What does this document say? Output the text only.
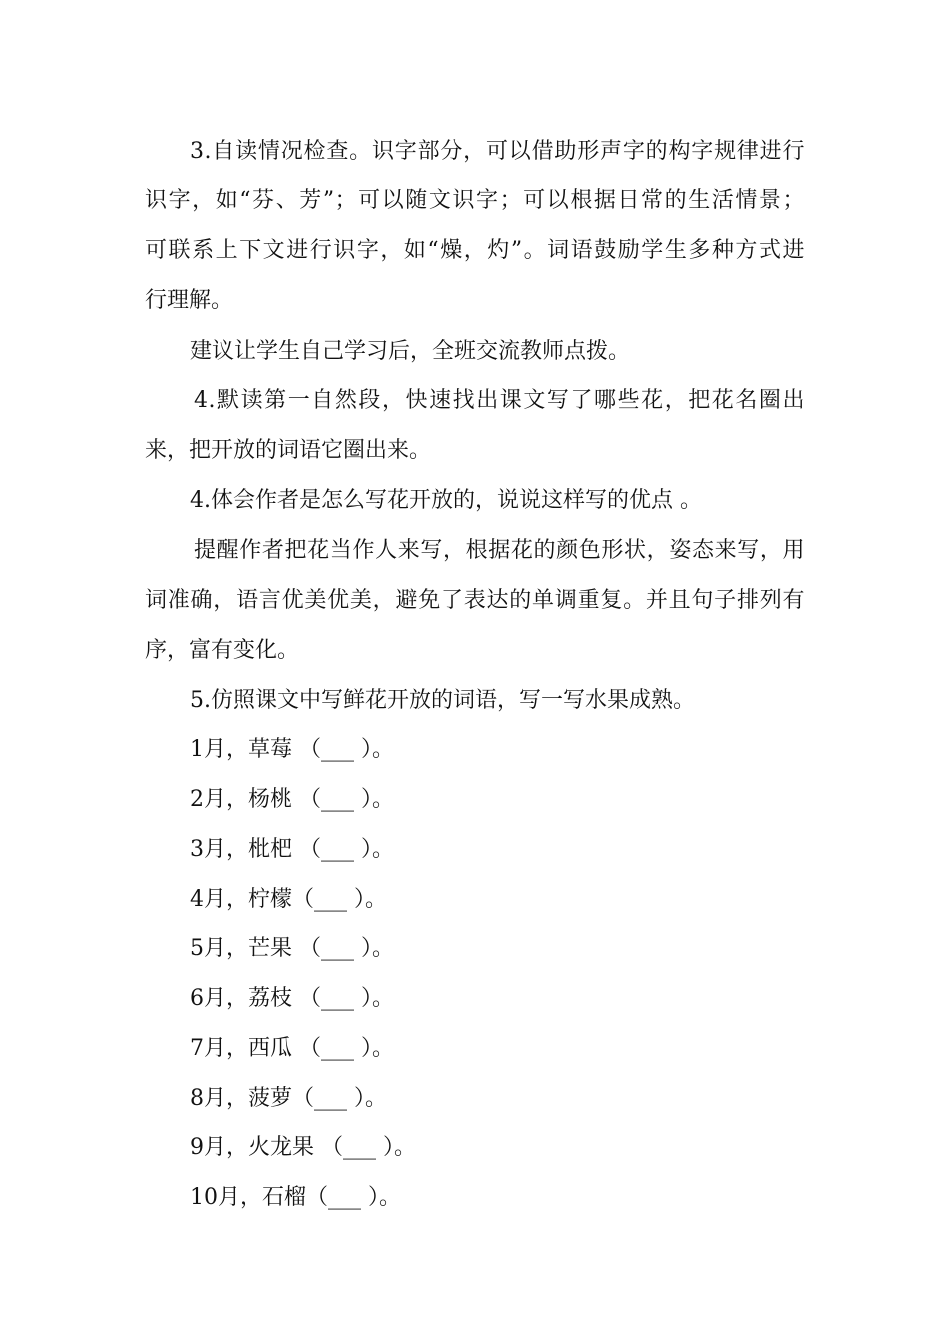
3.自读情况检查。识字部分，可以借助形声字的构字规律进行
识字，如“芬、芳”；可以随文识字；可以根据日常的生活情景；
可联系上下文进行识字，如“燥，灼”。词语鼓励学生多种方式进
行理解。
建议让学生自己学习后，全班交流教师点拨。
4.默读第一自然段，快速找出课文写了哪些花，把花名圈出
来，把开放的词语它圈出来。
4.体会作者是怎么写花开放的，说说这样写的优点 。
提醒作者把花当作人来写，根据花的颜色形状，姿态来写，用
词准确，语言优美优美，避免了表达的单调重复。并且句子排列有
序，富有变化。
5.仿照课文中写鲜花开放的词语，写一写水果成熟。
1月，草莓 （___ ）。
2月，杨桃 （___ ）。
3月，枇杷 （___ ）。
4月，柠檬（___ ）。
5月，芒果 （___ ）。
6月，荔枝 （___ ）。
7月，西瓜 （___ ）。
8月，菠萝（___ ）。
9月，火龙果 （___ ）。
10月，石榴（___ ）。
